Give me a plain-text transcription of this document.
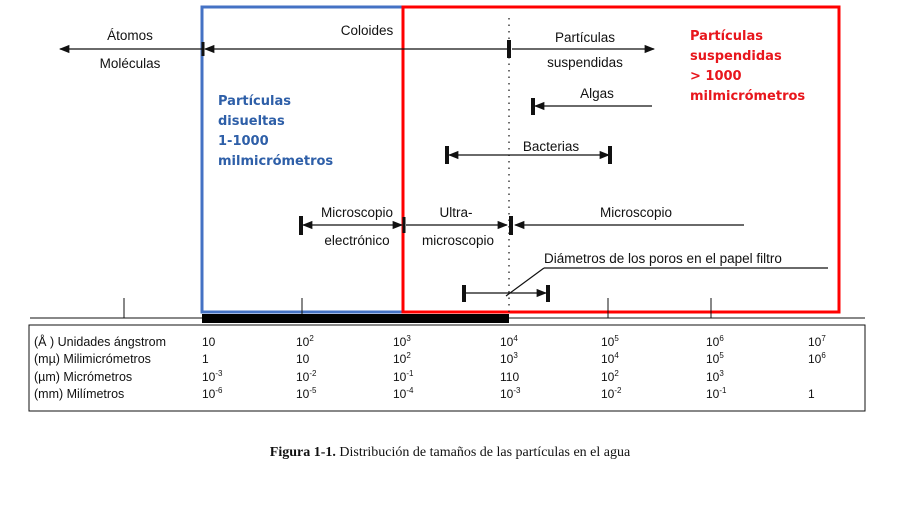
Átomos
Moléculas
Coloides	Partículas
suspendidas
Algas
Bacterias
Microscopio
electrónico
Ultra-
microscopio
Microscopio
Diámetros de los poros en el papel filtro
(Å ) Unidades ángstrom	10	$10^2$	$10^3$	$10^4$	$10^5$	$10^6$	$10^7$
(mµ) Milimicrómetros	1	10	$10^2$	$10^3$	$10^4$	$10^5$	$10^6$
(µm) Micrómetros	$10^{-3}$	$10^{-2}$	$10^{-1}$	110	$10^2$	$10^3$
(mm) Milímetros	$10^{-6}$	$10^{-5}$	$10^{-4}$	$10^{-3}$	$10^{-2}$	$10^{-1}$	1
Partículas
disueltas
1-1000
milmicrómetros
Partículas
suspendidas
> 1000
milmicrómetros
Figura 1-1. Distribución de tamaños de las partículas en el agua
